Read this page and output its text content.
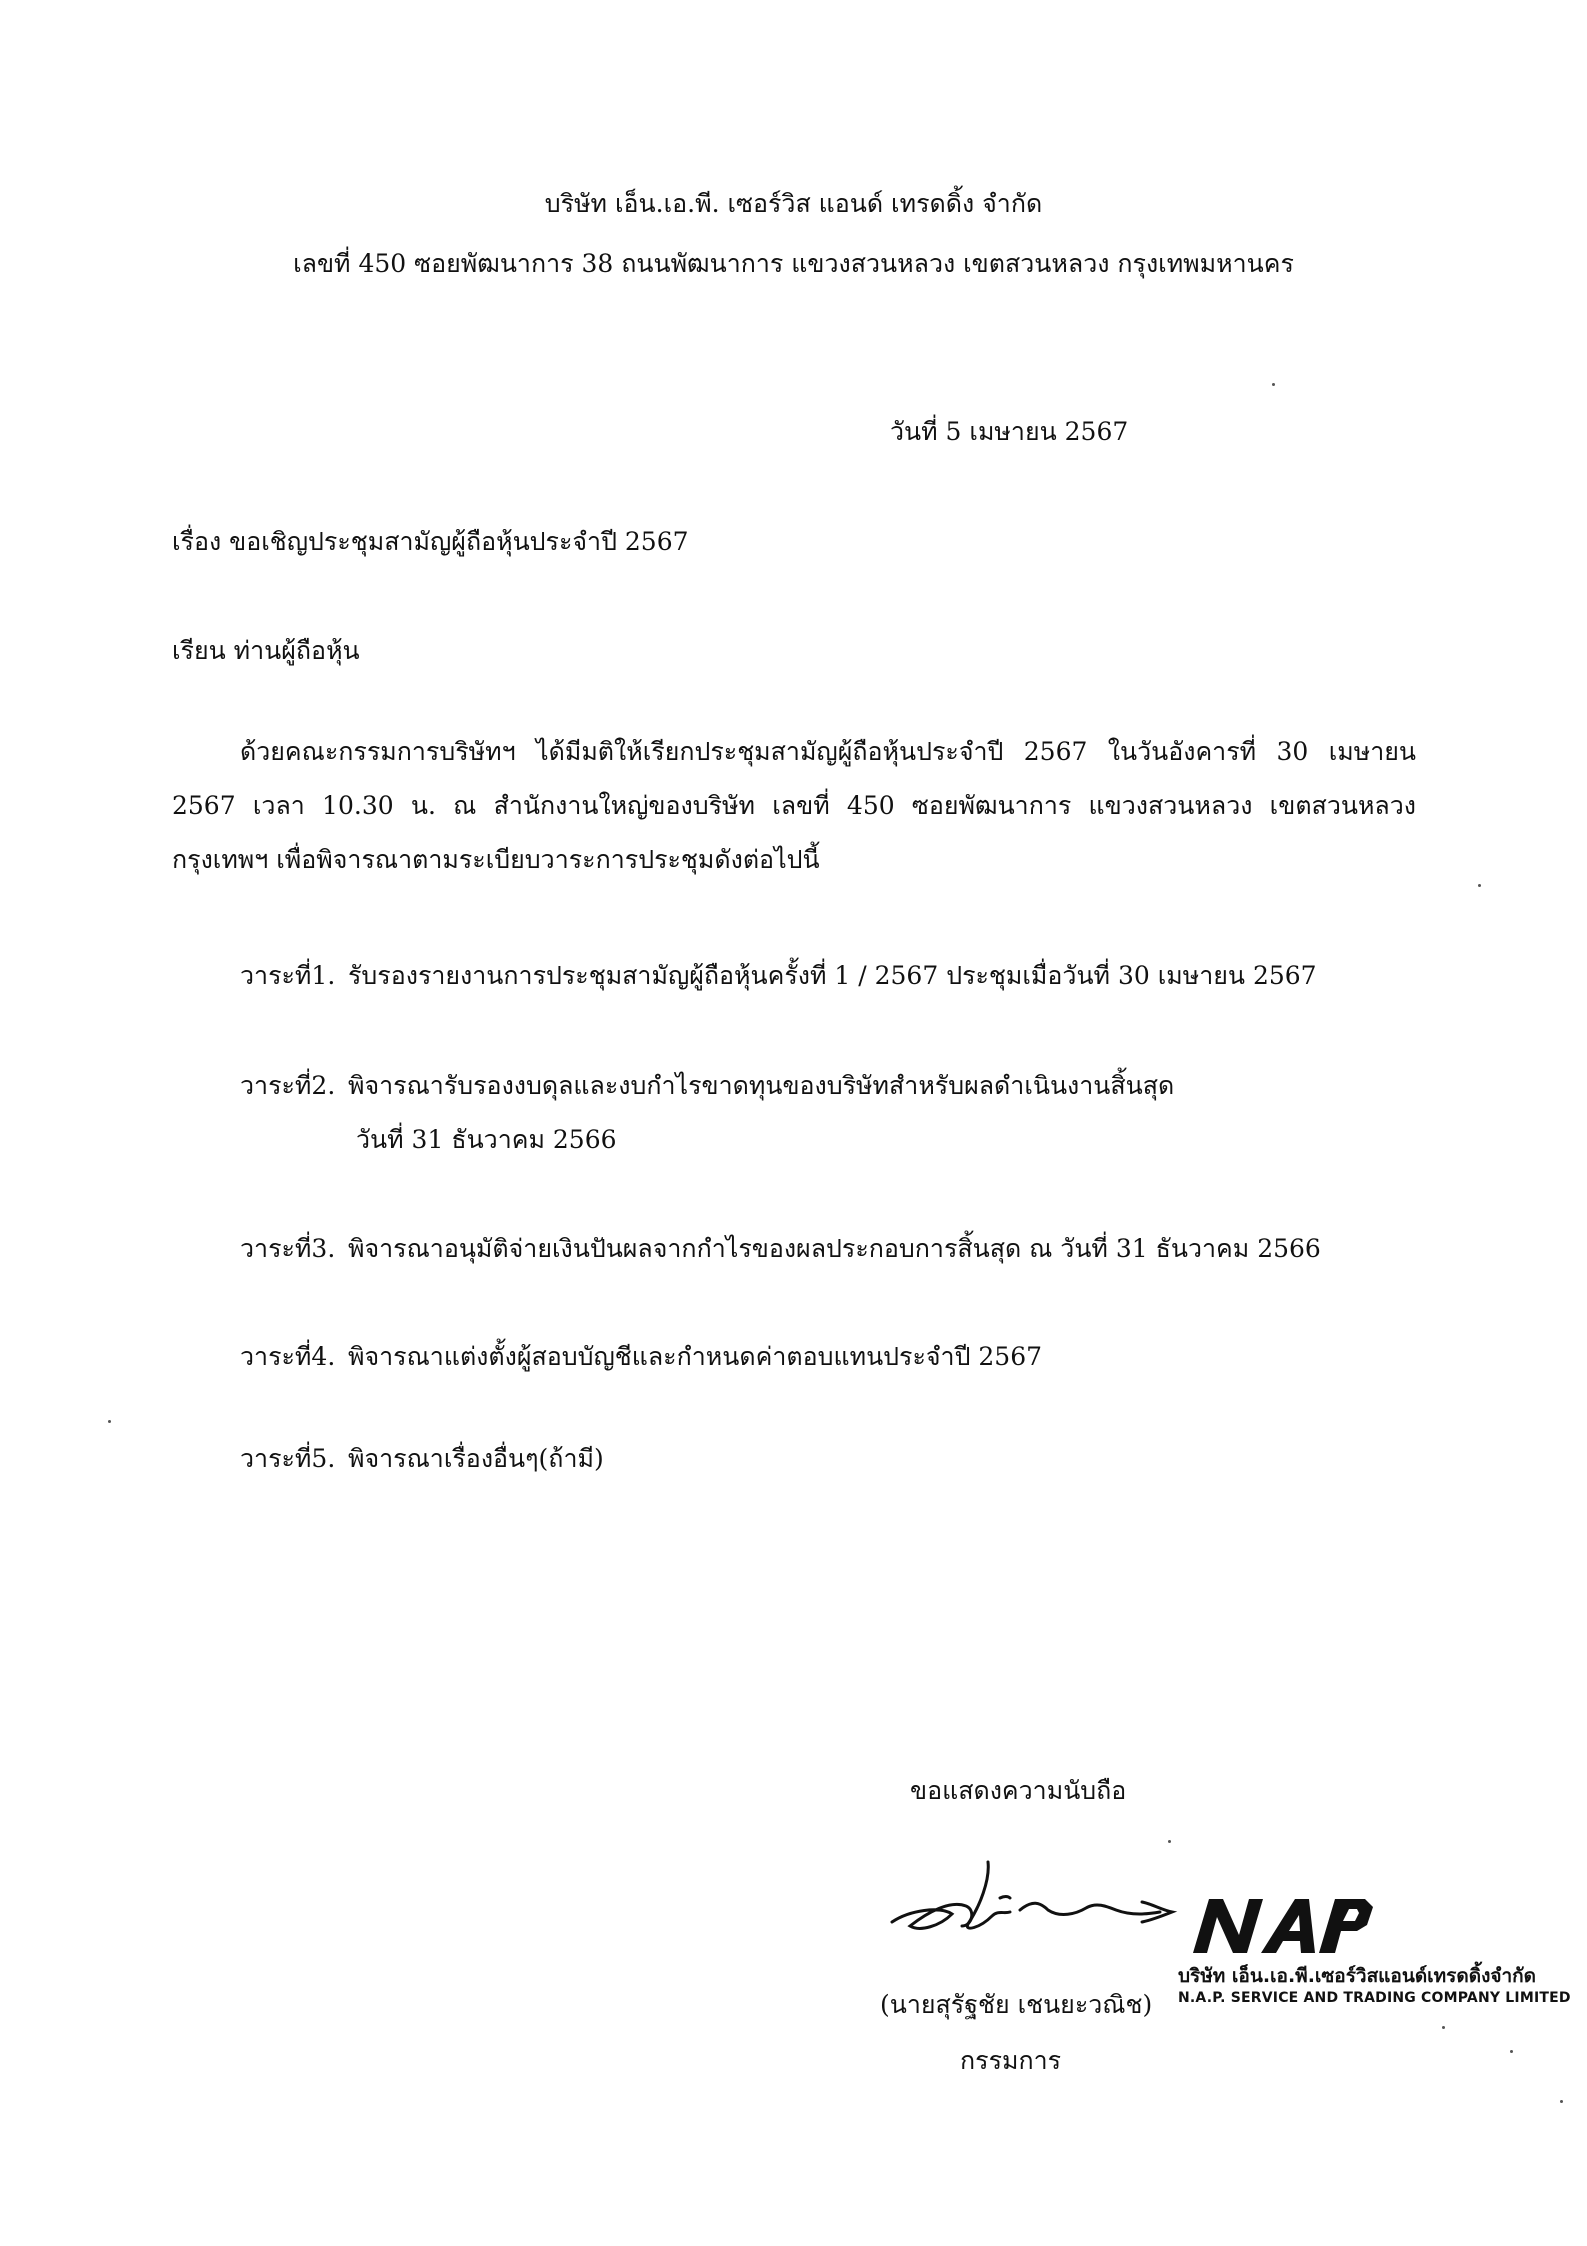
บริษัท เอ็น.เอ.พี. เซอร์วิส แอนด์ เทรดดิ้ง จำกัด
เลขที่ 450 ซอยพัฒนาการ 38 ถนนพัฒนาการ แขวงสวนหลวง เขตสวนหลวง กรุงเทพมหานคร
วันที่ 5 เมษายน 2567
เรื่อง ขอเชิญประชุมสามัญผู้ถือหุ้นประจำปี 2567
เรียน ท่านผู้ถือหุ้น

ด้วยคณะกรรมการบริษัทฯ ได้มีมติให้เรียกประชุมสามัญผู้ถือหุ้นประจำปี 2567 ในวันอังคารที่ 30 เมษายน 2567 เวลา 10.30 น. ณ สำนักงานใหญ่ของบริษัท เลขที่ 450 ซอยพัฒนาการ แขวงสวนหลวง เขตสวนหลวง กรุงเทพฯ เพื่อพิจารณาตามระเบียบวาระการประชุมดังต่อไปนี้

วาระที่1. รับรองรายงานการประชุมสามัญผู้ถือหุ้นครั้งที่ 1 / 2567 ประชุมเมื่อวันที่ 30 เมษายน 2567
วาระที่2. พิจารณารับรองงบดุลและงบกำไรขาดทุนของบริษัทสำหรับผลดำเนินงานสิ้นสุด
วันที่ 31 ธันวาคม 2566
วาระที่3. พิจารณาอนุมัติจ่ายเงินปันผลจากกำไรของผลประกอบการสิ้นสุด ณ วันที่ 31 ธันวาคม 2566
วาระที่4. พิจารณาแต่งตั้งผู้สอบบัญชีและกำหนดค่าตอบแทนประจำปี 2567
วาระที่5. พิจารณาเรื่องอื่นๆ(ถ้ามี)
ขอแสดงความนับถือ
บริษัท เอ็น.เอ.พี.เซอร์วิสแอนด์เทรดดิ้งจำกัด
N.A.P. SERVICE AND TRADING COMPANY LIMITED
(นายสุรัฐชัย เชนยะวณิช)
กรรมการ
